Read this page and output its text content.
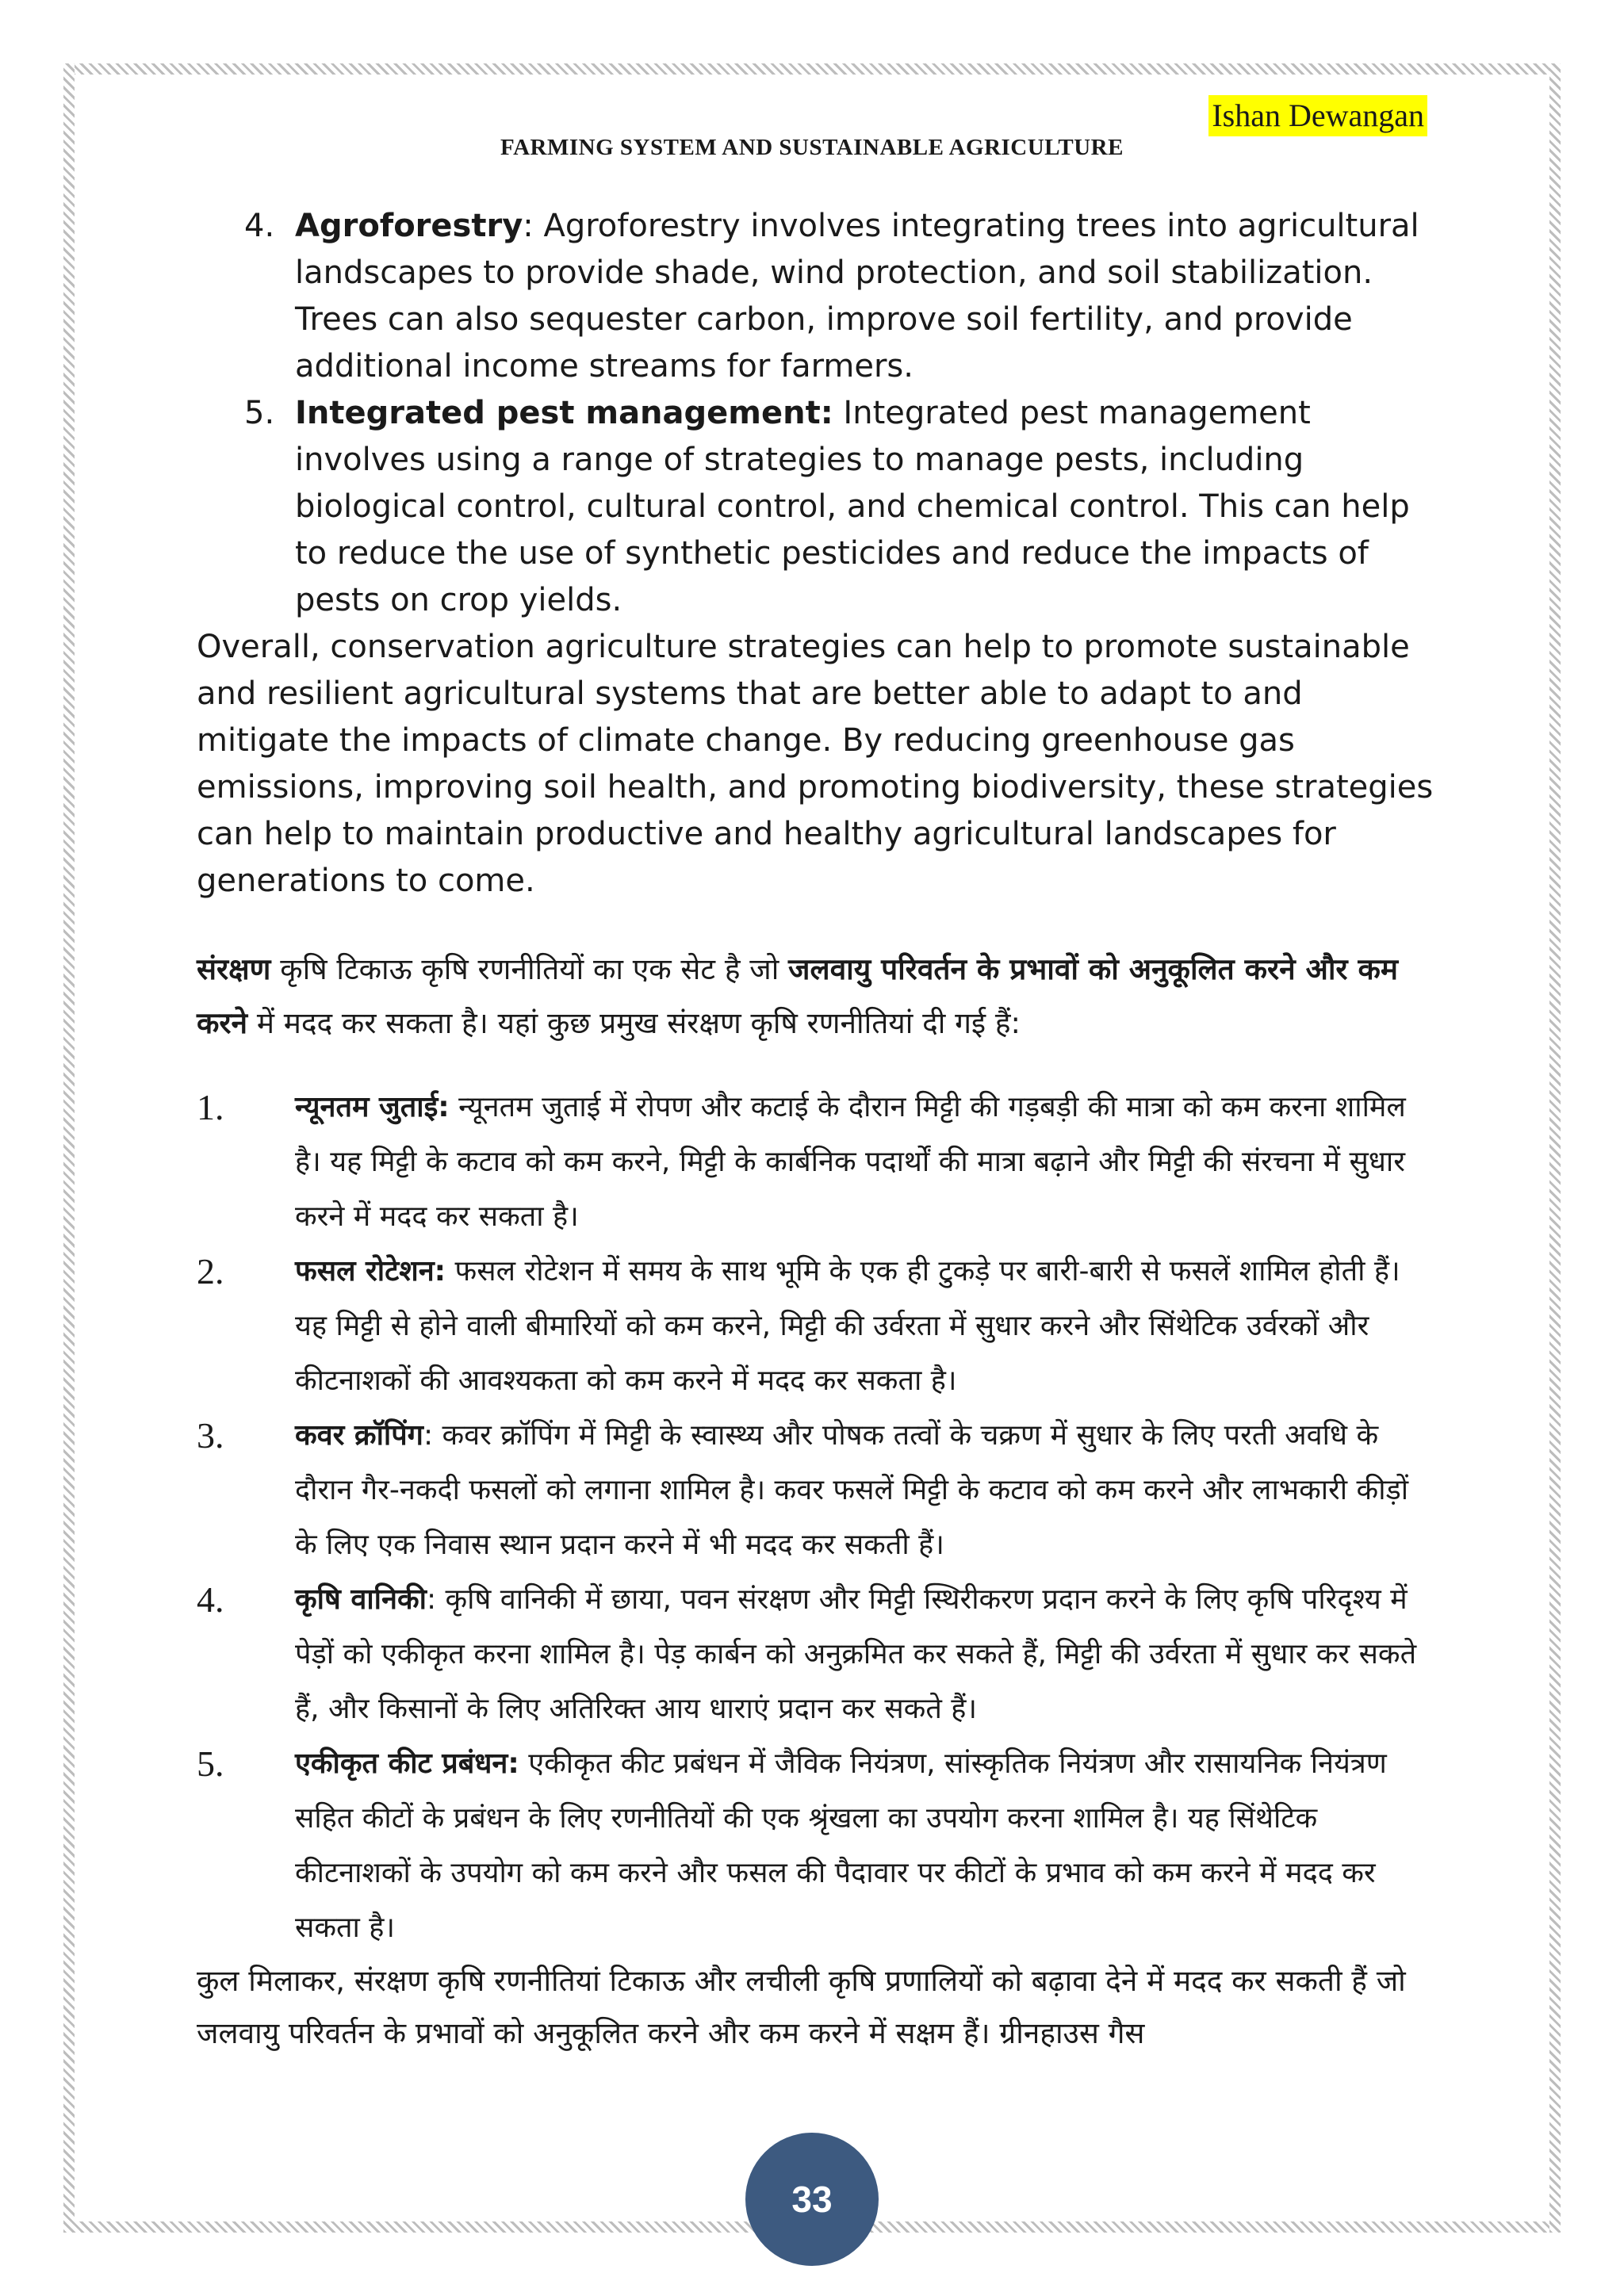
Ishan Dewangan
FARMING SYSTEM AND SUSTAINABLE AGRICULTURE
4. Agroforestry: Agroforestry involves integrating trees into agricultural landscapes to provide shade, wind protection, and soil stabilization. Trees can also sequester carbon, improve soil fertility, and provide additional income streams for farmers.
5. Integrated pest management: Integrated pest management involves using a range of strategies to manage pests, including biological control, cultural control, and chemical control. This can help to reduce the use of synthetic pesticides and reduce the impacts of pests on crop yields.

Overall, conservation agriculture strategies can help to promote sustainable and resilient agricultural systems that are better able to adapt to and mitigate the impacts of climate change. By reducing greenhouse gas emissions, improving soil health, and promoting biodiversity, these strategies can help to maintain productive and healthy agricultural landscapes for generations to come.

संरक्षण कृषि टिकाऊ कृषि रणनीतियों का एक सेट है जो जलवायु परिवर्तन के प्रभावों को अनुकूलित करने और कम करने में मदद कर सकता है। यहां कुछ प्रमुख संरक्षण कृषि रणनीतियां दी गई हैं:

1. न्यूनतम जुताई: न्यूनतम जुताई में रोपण और कटाई के दौरान मिट्टी की गड़बड़ी की मात्रा को कम करना शामिल है। यह मिट्टी के कटाव को कम करने, मिट्टी के कार्बनिक पदार्थों की मात्रा बढ़ाने और मिट्टी की संरचना में सुधार करने में मदद कर सकता है।
2. फसल रोटेशन: फसल रोटेशन में समय के साथ भूमि के एक ही टुकड़े पर बारी-बारी से फसलें शामिल होती हैं। यह मिट्टी से होने वाली बीमारियों को कम करने, मिट्टी की उर्वरता में सुधार करने और सिंथेटिक उर्वरकों और कीटनाशकों की आवश्यकता को कम करने में मदद कर सकता है।
3. कवर क्रॉपिंग: कवर क्रॉपिंग में मिट्टी के स्वास्थ्य और पोषक तत्वों के चक्रण में सुधार के लिए परती अवधि के दौरान गैर-नकदी फसलों को लगाना शामिल है। कवर फसलें मिट्टी के कटाव को कम करने और लाभकारी कीड़ों के लिए एक निवास स्थान प्रदान करने में भी मदद कर सकती हैं।
4. कृषि वानिकी: कृषि वानिकी में छाया, पवन संरक्षण और मिट्टी स्थिरीकरण प्रदान करने के लिए कृषि परिदृश्य में पेड़ों को एकीकृत करना शामिल है। पेड़ कार्बन को अनुक्रमित कर सकते हैं, मिट्टी की उर्वरता में सुधार कर सकते हैं, और किसानों के लिए अतिरिक्त आय धाराएं प्रदान कर सकते हैं।
5. एकीकृत कीट प्रबंधन: एकीकृत कीट प्रबंधन में जैविक नियंत्रण, सांस्कृतिक नियंत्रण और रासायनिक नियंत्रण सहित कीटों के प्रबंधन के लिए रणनीतियों की एक श्रृंखला का उपयोग करना शामिल है। यह सिंथेटिक कीटनाशकों के उपयोग को कम करने और फसल की पैदावार पर कीटों के प्रभाव को कम करने में मदद कर सकता है।

कुल मिलाकर, संरक्षण कृषि रणनीतियां टिकाऊ और लचीली कृषि प्रणालियों को बढ़ावा देने में मदद कर सकती हैं जो जलवायु परिवर्तन के प्रभावों को अनुकूलित करने और कम करने में सक्षम हैं। ग्रीनहाउस गैस

33
